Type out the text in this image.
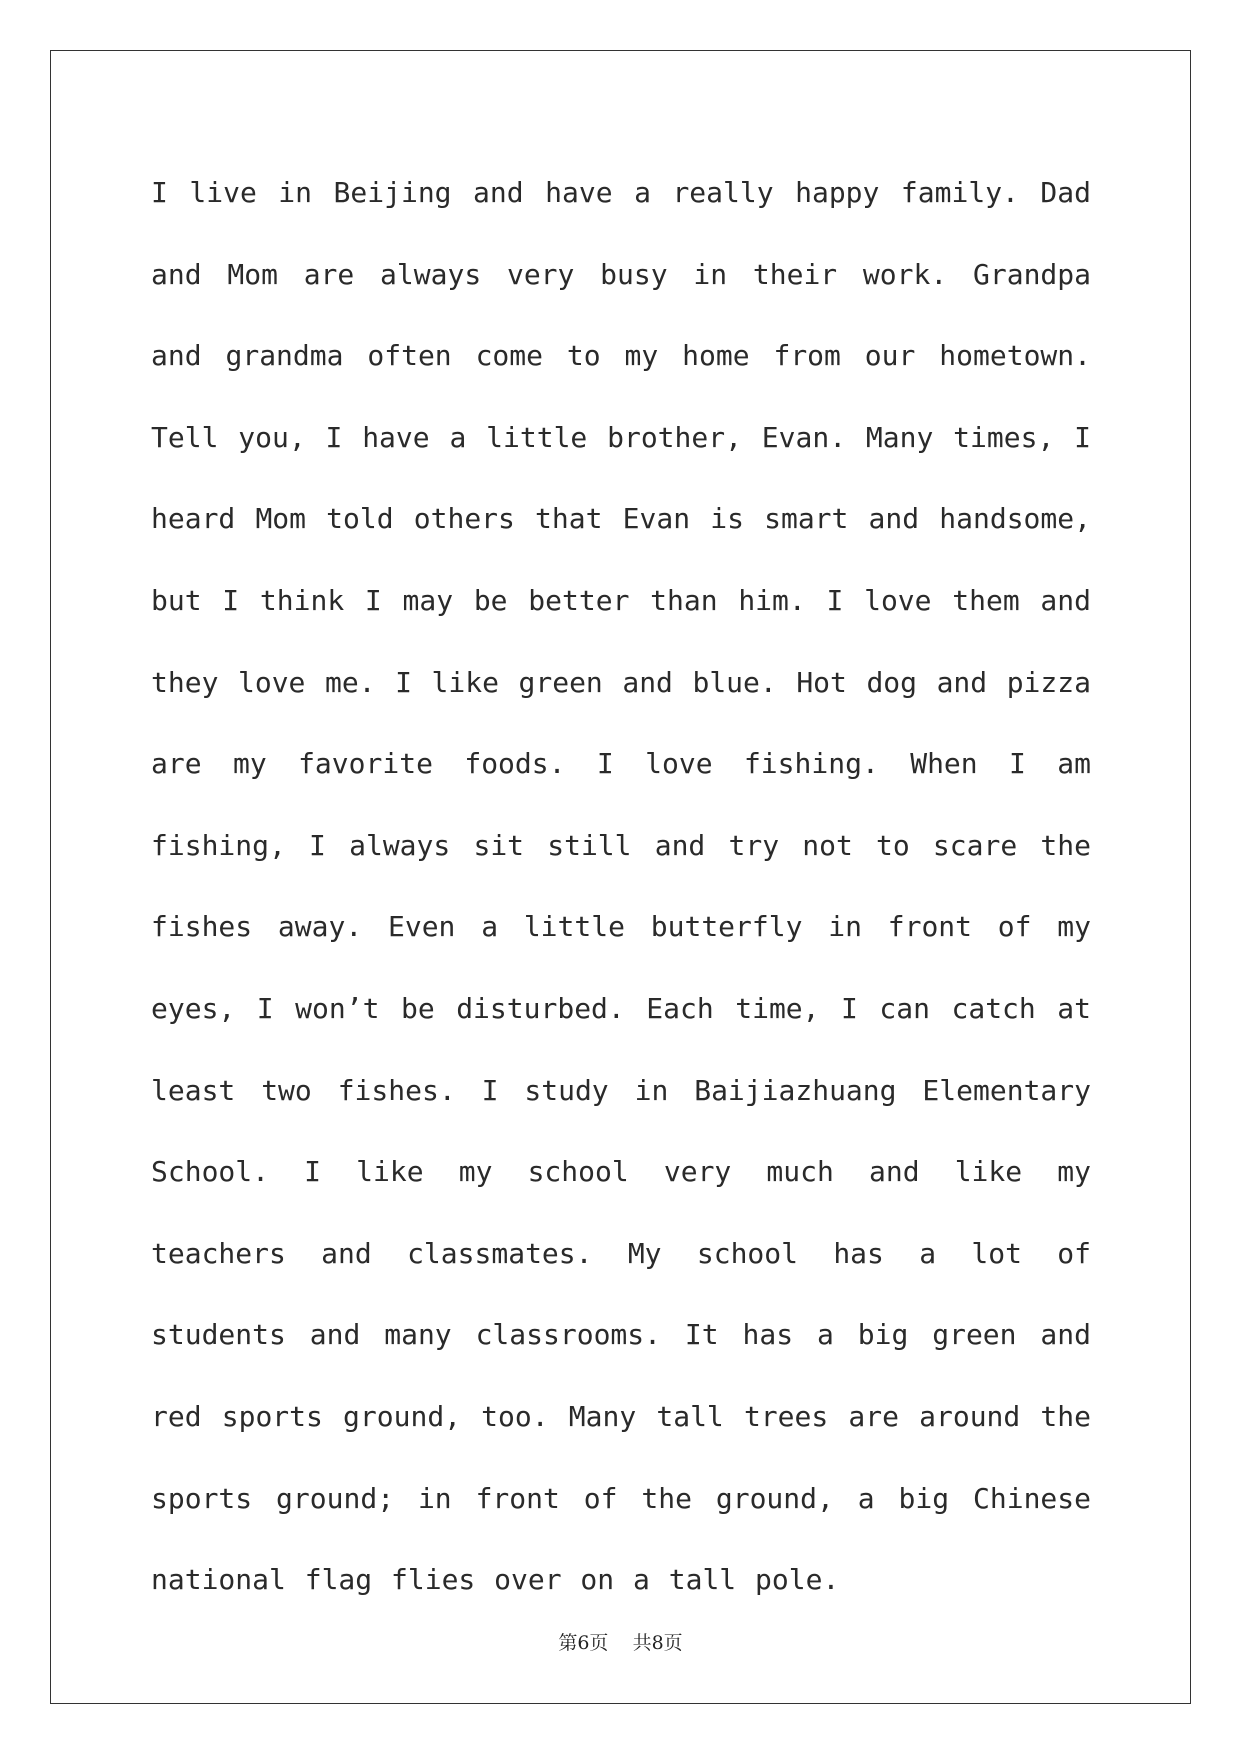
I live in Beijing and have a really happy family. Dad and Mom are always very busy in their work. Grandpa and grandma often come to my home from our hometown. Tell you, I have a little brother, Evan. Many times, I heard Mom told others that Evan is smart and handsome, but I think I may be better than him. I love them and they love me. I like green and blue. Hot dog and pizza are my favorite foods. I love fishing. When I am fishing, I always sit still and try not to scare the fishes away. Even a little butterfly in front of my eyes, I won’t be disturbed. Each time, I can catch at least two fishes. I study in Baijiazhuang Elementary School. I like my school very much and like my teachers and classmates. My school has a lot of students and many classrooms. It has a big green and red sports ground, too. Many tall trees are around the sports ground; in front of the ground, a big Chinese national flag flies over on a tall pole.

第6页 共8页
